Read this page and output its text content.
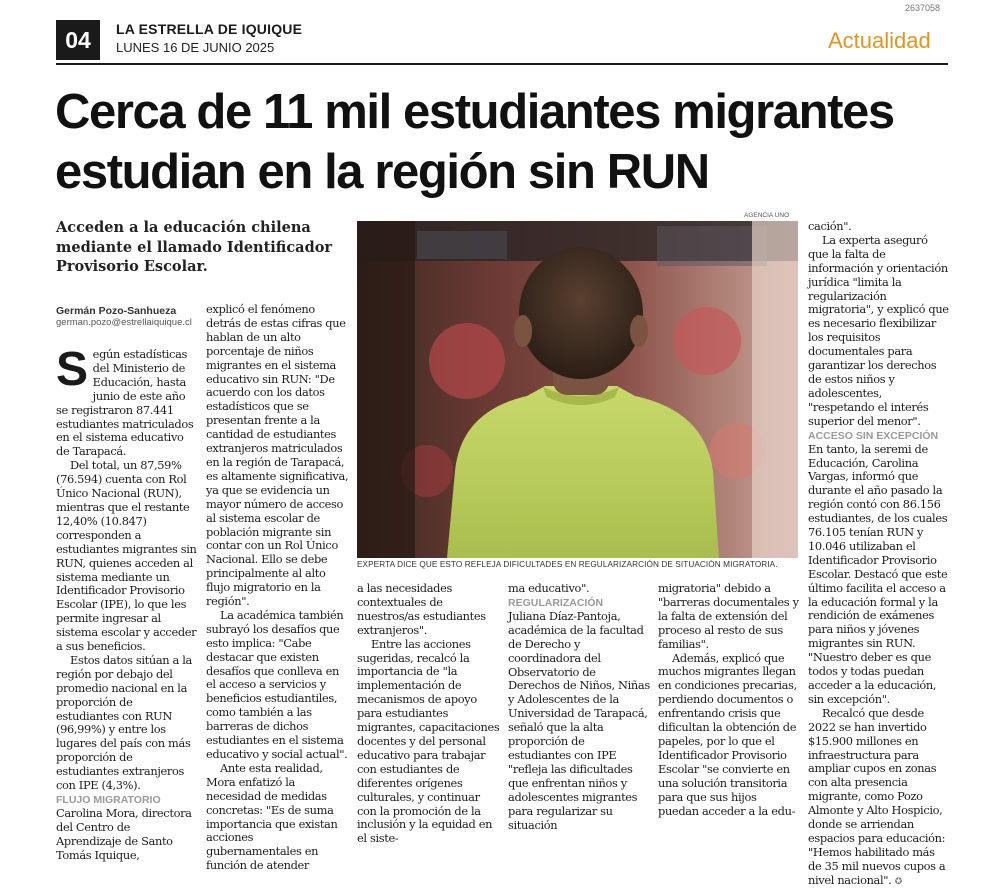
2637058
04	LA ESTRELLA DE IQUIQUE
LUNES 16 DE JUNIO 2025	Actualidad
Cerca de 11 mil estudiantes migrantes
estudian en la región sin RUN
Acceden a la educación chilena
mediante el llamado Identificador
Provisorio Escolar.
Germán Pozo-Sanhueza
german.pozo@estrellaiquique.cl

Según estadísticas del Ministerio de Educación, hasta junio de este año se registraron 87.441 estudiantes matriculados en el sistema educativo de Tarapacá.

Del total, un 87,59% (76.594) cuenta con Rol Único Nacional (RUN), mientras que el restante 12,40% (10.847) corresponden a estudiantes migrantes sin RUN, quienes acceden al sistema mediante un Identificador Provisorio Escolar (IPE), lo que les permite ingresar al sistema escolar y acceder a sus beneficios.

Estos datos sitúan a la región por debajo del promedio nacional en la proporción de estudiantes con RUN (96,99%) y entre los lugares del país con más proporción de estudiantes extranjeros con IPE (4,3%).

FLUJO MIGRATORIO

Carolina Mora, directora del Centro de Aprendizaje de Santo Tomás Iquique,

explicó el fenómeno detrás de estas cifras que hablan de un alto porcentaje de niños migrantes en el sistema educativo sin RUN: "De acuerdo con los datos estadísticos que se presentan frente a la cantidad de estudiantes extranjeros matriculados en la región de Tarapacá, es altamente significativa, ya que se evidencia un mayor número de acceso al sistema escolar de población migrante sin contar con un Rol Único Nacional. Ello se debe principalmente al alto flujo migratorio en la región".

La académica también subrayó los desafíos que esto implica: "Cabe destacar que existen desafíos que conlleva en el acceso a servicios y beneficios estudiantiles, como también a las barreras de dichos estudiantes en el sistema educativo y social actual".

Ante esta realidad, Mora enfatizó la necesidad de medidas concretas: "Es de suma importancia que existan acciones gubernamentales en función de atender

AGENCIA UNO
EXPERTA DICE QUE ESTO REFLEJA DIFICULTADES EN REGULARIZARCIÓN DE SITUACIÓN MIGRATORIA.

a las necesidades contextuales de nuestros/as estudiantes extranjeros".

Entre las acciones sugeridas, recalcó la importancia de "la implementación de mecanismos de apoyo para estudiantes migrantes, capacitaciones docentes y del personal educativo para trabajar con estudiantes de diferentes orígenes culturales, y continuar con la promoción de la inclusión y la equidad en el siste-

ma educativo".

REGULARIZACIÓN

Juliana Díaz-Pantoja, académica de la facultad de Derecho y coordinadora del Observatorio de Derechos de Niños, Niñas y Adolescentes de la Universidad de Tarapacá, señaló que la alta proporción de estudiantes con IPE "refleja las dificultades que enfrentan niños y adolescentes migrantes para regularizar su situación

migratoria" debido a "barreras documentales y la falta de extensión del proceso al resto de sus familias".

Además, explicó que muchos migrantes llegan en condiciones precarias, perdiendo documentos o enfrentando crisis que dificultan la obtención de papeles, por lo que el Identificador Provisorio Escolar "se convierte en una solución transitoria para que sus hijos puedan acceder a la edu-

cación".

La experta aseguró que la falta de información y orientación jurídica "limita la regularización migratoria", y explicó que es necesario flexibilizar los requisitos documentales para garantizar los derechos de estos niños y adolescentes, "respetando el interés superior del menor".

ACCESO SIN EXCEPCIÓN

En tanto, la seremi de Educación, Carolina Vargas, informó que durante el año pasado la región contó con 86.156 estudiantes, de los cuales 76.105 tenían RUN y 10.046 utilizaban el Identificador Provisorio Escolar. Destacó que este último facilita el acceso a la educación formal y la rendición de exámenes para niños y jóvenes migrantes sin RUN. "Nuestro deber es que todos y todas puedan acceder a la educación, sin excepción".

Recalcó que desde 2022 se han invertido $15.900 millones en infraestructura para ampliar cupos en zonas con alta presencia migrante, como Pozo Almonte y Alto Hospicio, donde se arriendan espacios para educación: "Hemos habilitado más de 35 mil nuevos cupos a nivel nacional". ✪
